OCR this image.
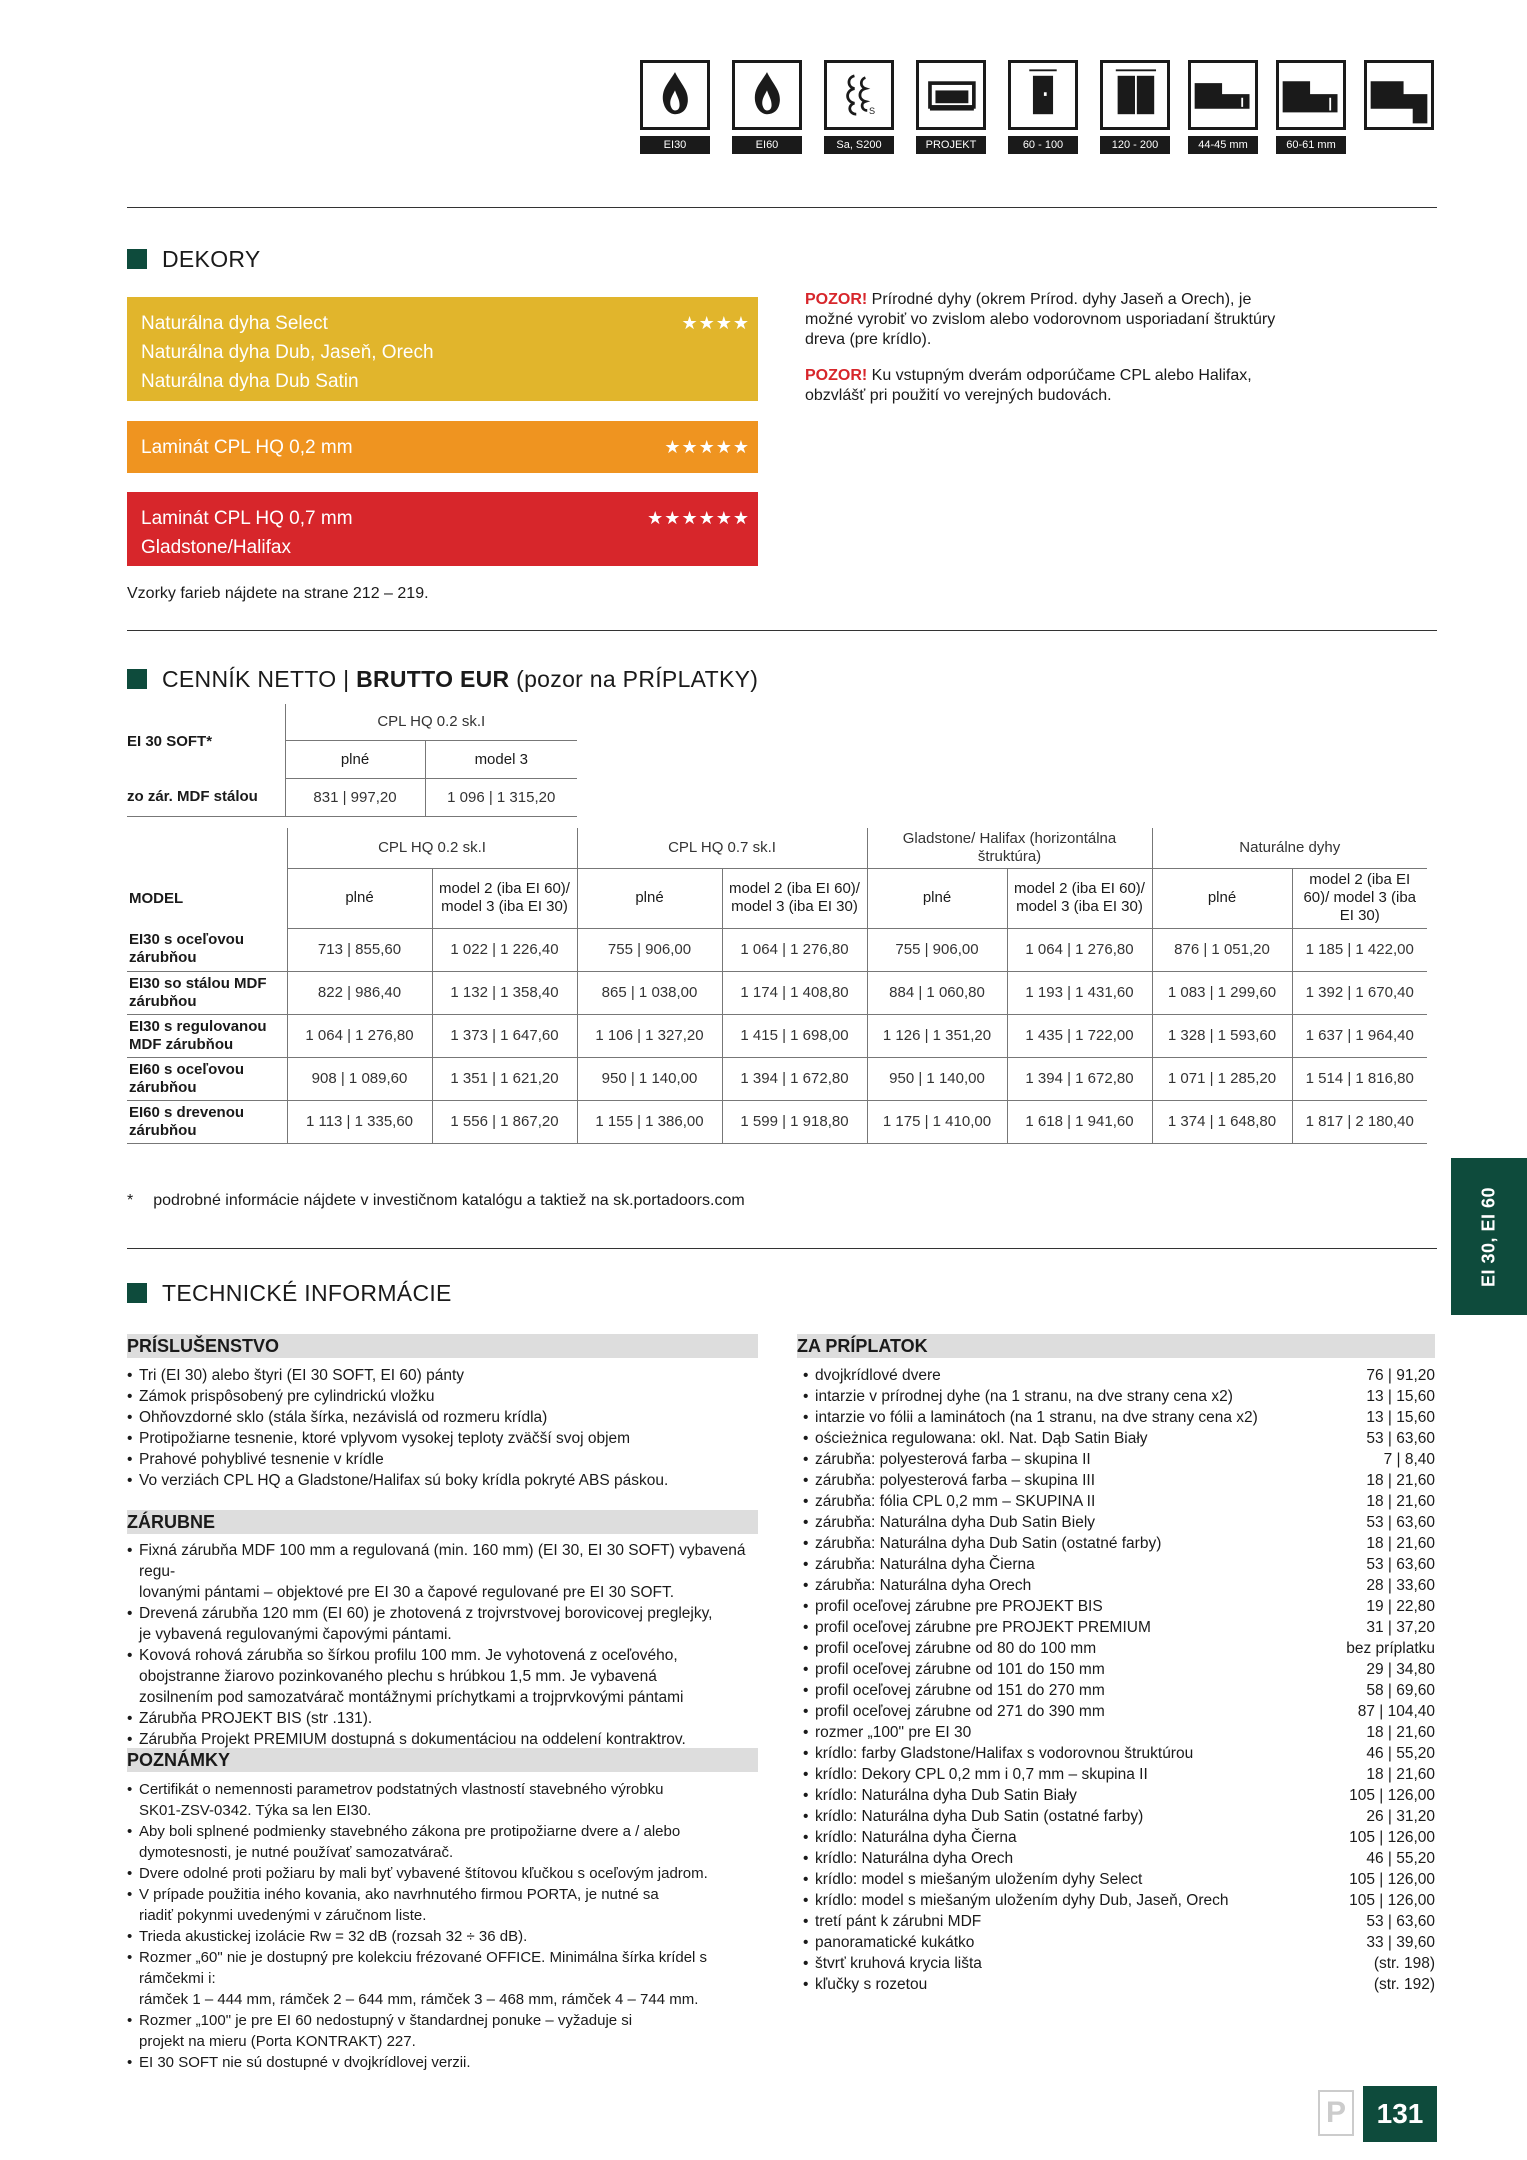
EI30	EI60
S
Sa, S200	PROJEKT	60 - 100	120 - 200	44-45 mm	60-61 mm
DEKORY
Naturálna dyha Select
Naturálna dyha Dub, Jaseň, Orech
Naturálna dyha Dub Satin
★★★★
Laminát CPL HQ 0,2 mm	★★★★★
Laminát CPL HQ 0,7 mm
Gladstone/Halifax
★★★★★★
Vzorky farieb nájdete na strane 212 – 219.

POZOR! Prírodné dyhy (okrem Prírod. dyhy Jaseň a Orech), je možné vyrobiť vo zvislom alebo vodorovnom usporiadaní štruktúry dreva (pre krídlo).

POZOR! Ku vstupným dverám odporúčame CPL alebo Halifax, obzvlášť pri použití vo verejných budovách.

CENNÍK NETTO | BRUTTO EUR (pozor na PRÍPLATKY)
EI 30 SOFT*	CPL HQ 0.2 sk.I	
	plné	model 3
zo zár. MDF stálou	831 | 997,20	1 096 | 1 315,20
	CPL HQ 0.2 sk.I		CPL HQ 0.7 sk.I		Gladstone/ Halifax (horizontálna štruktúra)		Naturálne dyhy	
MODEL	plné	model 2 (iba EI 60)/ model 3 (iba EI 30)	plné	model 2 (iba EI 60)/ model 3 (iba EI 30)	plné	model 2 (iba EI 60)/ model 3 (iba EI 30)	plné	model 2 (iba EI 60)/ model 3 (iba EI 30)
EI30 s oceľovou zárubňou	713 | 855,60	1 022 | 1 226,40	755 | 906,00	1 064 | 1 276,80	755 | 906,00	1 064 | 1 276,80	876 | 1 051,20	1 185 | 1 422,00
EI30 so stálou MDF zárubňou	822 | 986,40	1 132 | 1 358,40	865 | 1 038,00	1 174 | 1 408,80	884 | 1 060,80	1 193 | 1 431,60	1 083 | 1 299,60	1 392 | 1 670,40
EI30 s regulovanou MDF zárubňou	1 064 | 1 276,80	1 373 | 1 647,60	1 106 | 1 327,20	1 415 | 1 698,00	1 126 | 1 351,20	1 435 | 1 722,00	1 328 | 1 593,60	1 637 | 1 964,40
EI60 s oceľovou zárubňou	908 | 1 089,60	1 351 | 1 621,20	950 | 1 140,00	1 394 | 1 672,80	950 | 1 140,00	1 394 | 1 672,80	1 071 | 1 285,20	1 514 | 1 816,80
EI60 s drevenou zárubňou	1 113 | 1 335,60	1 556 | 1 867,20	1 155 | 1 386,00	1 599 | 1 918,80	1 175 | 1 410,00	1 618 | 1 941,60	1 374 | 1 648,80	1 817 | 2 180,40
* podrobné informácie nájdete v investičnom katalógu a taktiež na sk.portadoors.com	EI 30, EI 60
TECHNICKÉ INFORMÁCIE
PRÍSLUŠENSTVO
• Tri (EI 30) alebo štyri (EI 30 SOFT, EI 60) pánty
• Zámok prispôsobený pre cylindrickú vložku
• Ohňovzdorné sklo (stála šírka, nezávislá od rozmeru krídla)
• Protipožiarne tesnenie, ktoré vplyvom vysokej teploty zväčší svoj objem
• Prahové pohyblivé tesnenie v krídle
• Vo verziách CPL HQ a Gladstone/Halifax sú boky krídla pokryté ABS páskou.
ZÁRUBNE
• Fixná zárubňa MDF 100 mm a regulovaná (min. 160 mm) (EI 30, EI 30 SOFT) vybavená regu-
lovanými pántami – objektové pre EI 30 a čapové regulované pre EI 30 SOFT.
• Drevená zárubňa 120 mm (EI 60) je zhotovená z trojvrstvovej borovicovej preglejky,
je vybavená regulovanými čapovými pántami.
• Kovová rohová zárubňa so šírkou profilu 100 mm. Je vyhotovená z oceľového,
obojstranne žiarovo pozinkovaného plechu s hrúbkou 1,5 mm. Je vybavená
zosilnením pod samozatvárač montážnymi príchytkami a trojprvkovými pántami
• Zárubňa PROJEKT BIS (str .131).
• Zárubňa Projekt PREMIUM dostupná s dokumentáciou na oddelení kontraktrov.
POZNÁMKY
• Certifikát o nemennosti parametrov podstatných vlastností stavebného výrobku
SK01-ZSV-0342. Týka sa len EI30.
• Aby boli splnené podmienky stavebného zákona pre protipožiarne dvere a / alebo
dymotesnosti, je nutné používať samozatvárač.
• Dvere odolné proti požiaru by mali byť vybavené štítovou kľučkou s oceľovým jadrom.
• V prípade použitia iného kovania, ako navrhnutého firmou PORTA, je nutné sa
riadiť pokynmi uvedenými v záručnom liste.
• Trieda akustickej izolácie Rw = 32 dB (rozsah 32 ÷ 36 dB).
• Rozmer „60" nie je dostupný pre kolekciu frézované OFFICE. Minimálna šírka krídel s rámčekmi i:
rámček 1 – 444 mm, rámček 2 – 644 mm, rámček 3 – 468 mm, rámček 4 – 744 mm.
• Rozmer „100" je pre EI 60 nedostupný v štandardnej ponuke – vyžaduje si
projekt na mieru (Porta KONTRAKT) 227.
• EI 30 SOFT nie sú dostupné v dvojkrídlovej verzii.
ZA PRÍPLATOK
• dvojkrídlové dvere	76 | 91,20
• intarzie v prírodnej dyhe (na 1 stranu, na dve strany cena x2)	13 | 15,60
• intarzie vo fólii a laminátoch (na 1 stranu, na dve strany cena x2)	13 | 15,60
• ościeżnica regulowana: okl. Nat. Dąb Satin Biały	53 | 63,60
• zárubňa: polyesterová farba – skupina II	7 | 8,40
• zárubňa: polyesterová farba – skupina III	18 | 21,60
• zárubňa: fólia CPL 0,2 mm – SKUPINA II	18 | 21,60
• zárubňa: Naturálna dyha Dub Satin Biely	53 | 63,60
• zárubňa: Naturálna dyha Dub Satin (ostatné farby)	18 | 21,60
• zárubňa: Naturálna dyha Čierna	53 | 63,60
• zárubňa: Naturálna dyha Orech	28 | 33,60
• profil oceľovej zárubne pre PROJEKT BIS	19 | 22,80
• profil oceľovej zárubne pre PROJEKT PREMIUM	31 | 37,20
• profil oceľovej zárubne od 80 do 100 mm	bez príplatku
• profil oceľovej zárubne od 101 do 150 mm	29 | 34,80
• profil oceľovej zárubne od 151 do 270 mm	58 | 69,60
• profil oceľovej zárubne od 271 do 390 mm	87 | 104,40
• rozmer „100" pre EI 30	18 | 21,60
• krídlo: farby Gladstone/Halifax s vodorovnou štruktúrou	46 | 55,20
• krídlo: Dekory CPL 0,2 mm i 0,7 mm – skupina II	18 | 21,60
• krídlo: Naturálna dyha Dub Satin Biały	105 | 126,00
• krídlo: Naturálna dyha Dub Satin (ostatné farby)	26 | 31,20
• krídlo: Naturálna dyha Čierna	105 | 126,00
• krídlo: Naturálna dyha Orech	46 | 55,20
• krídlo: model s miešaným uložením dyhy Select	105 | 126,00
• krídlo: model s miešaným uložením dyhy Dub, Jaseň, Orech	105 | 126,00
• tretí pánt k zárubni MDF	53 | 63,60
• panoramatické kukátko	33 | 39,60
• štvrť kruhová krycia lišta	(str. 198)
• kľučky s rozetou	(str. 192)
P	131
